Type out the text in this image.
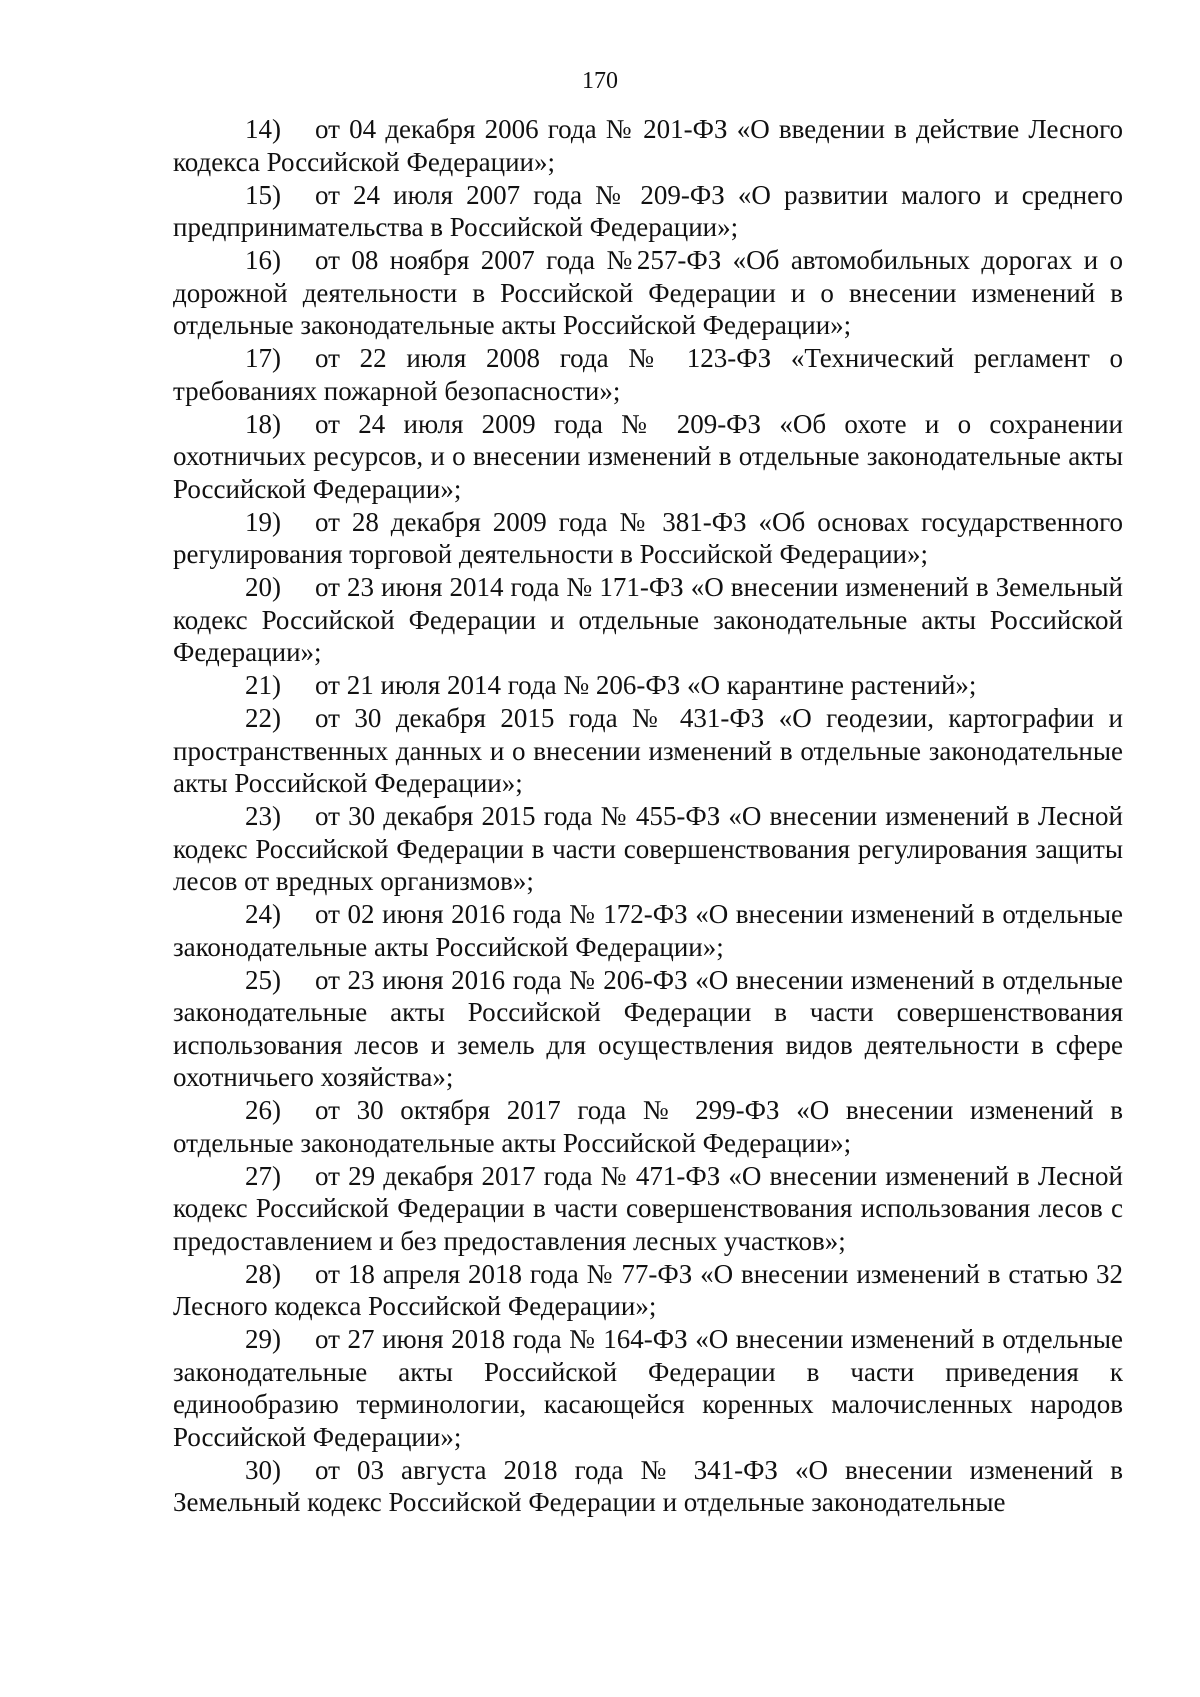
170

14) от 04 декабря 2006 года № 201-ФЗ «О введении в действие Лесного кодекса Российской Федерации»;

15) от 24 июля 2007 года № 209-ФЗ «О развитии малого и среднего предпринимательства в Российской Федерации»;

16) от 08 ноября 2007 года №257-ФЗ «Об автомобильных дорогах и о дорожной деятельности в Российской Федерации и о внесении изменений в отдельные законодательные акты Российской Федерации»;

17) от 22 июля 2008 года № 123-ФЗ «Технический регламент о требованиях пожарной безопасности»;

18) от 24 июля 2009 года № 209-ФЗ «Об охоте и о сохранении охотничьих ресурсов, и о внесении изменений в отдельные законодательные акты Российской Федерации»;

19) от 28 декабря 2009 года № 381-ФЗ «Об основах государственного регулирования торговой деятельности в Российской Федерации»;

20) от 23 июня 2014 года № 171-ФЗ «О внесении изменений в Земельный кодекс Российской Федерации и отдельные законодательные акты Российской Федерации»;

21) от 21 июля 2014 года № 206-ФЗ «О карантине растений»;

22) от 30 декабря 2015 года № 431-ФЗ «О геодезии, картографии и пространственных данных и о внесении изменений в отдельные законодательные акты Российской Федерации»;

23) от 30 декабря 2015 года № 455-ФЗ «О внесении изменений в Лесной кодекс Российской Федерации в части совершенствования регулирования защиты лесов от вредных организмов»;

24) от 02 июня 2016 года № 172-ФЗ «О внесении изменений в отдельные законодательные акты Российской Федерации»;

25) от 23 июня 2016 года № 206-ФЗ «О внесении изменений в отдельные законодательные акты Российской Федерации в части совершенствования использования лесов и земель для осуществления видов деятельности в сфере охотничьего хозяйства»;

26) от 30 октября 2017 года № 299-ФЗ «О внесении изменений в отдельные законодательные акты Российской Федерации»;

27) от 29 декабря 2017 года № 471-ФЗ «О внесении изменений в Лесной кодекс Российской Федерации в части совершенствования использования лесов с предоставлением и без предоставления лесных участков»;

28) от 18 апреля 2018 года № 77-ФЗ «О внесении изменений в статью 32 Лесного кодекса Российской Федерации»;

29) от 27 июня 2018 года № 164-ФЗ «О внесении изменений в отдельные законодательные акты Российской Федерации в части приведения к единообразию терминологии, касающейся коренных малочисленных народов Российской Федерации»;

30) от 03 августа 2018 года № 341-ФЗ «О внесении изменений в Земельный кодекс Российской Федерации и отдельные законодательные
